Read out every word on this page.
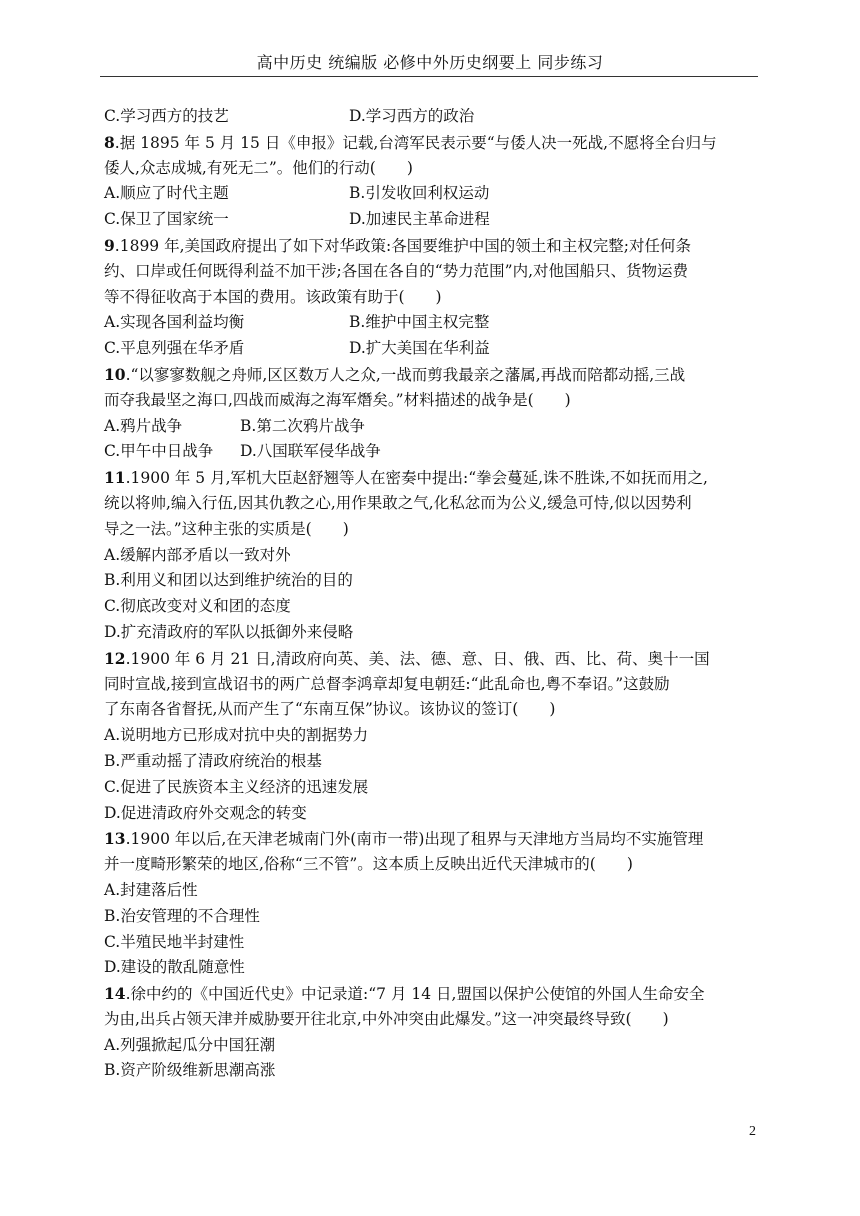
高中历史 统编版 必修中外历史纲要上 同步练习
C.学习西方的技艺	D.学习西方的政治
8.据 1895 年 5 月 15 日《申报》记载,台湾军民表示要“与倭人决一死战,不愿将全台归与
倭人,众志成城,有死无二”。他们的行动(　　)
A.顺应了时代主题	B.引发收回利权运动
C.保卫了国家统一	D.加速民主革命进程
9.1899 年,美国政府提出了如下对华政策:各国要维护中国的领土和主权完整;对任何条
约、口岸或任何既得利益不加干涉;各国在各自的“势力范围”内,对他国船只、货物运费
等不得征收高于本国的费用。该政策有助于(　　)
A.实现各国利益均衡	B.维护中国主权完整
C.平息列强在华矛盾	D.扩大美国在华利益
10.“以寥寥数舰之舟师,区区数万人之众,一战而剪我最亲之藩属,再战而陪都动摇,三战
而夺我最坚之海口,四战而威海之海军熸矣。”材料描述的战争是(　　)
A.鸦片战争	B.第二次鸦片战争
C.甲午中日战争	D.八国联军侵华战争
11.1900 年 5 月,军机大臣赵舒翘等人在密奏中提出:“拳会蔓延,诛不胜诛,不如抚而用之,
统以将帅,编入行伍,因其仇教之心,用作果敢之气,化私忿而为公义,缓急可恃,似以因势利
导之一法。”这种主张的实质是(　　)
A.缓解内部矛盾以一致对外
B.利用义和团以达到维护统治的目的
C.彻底改变对义和团的态度
D.扩充清政府的军队以抵御外来侵略
12.1900 年 6 月 21 日,清政府向英、美、法、德、意、日、俄、西、比、荷、奥十一国
同时宣战,接到宣战诏书的两广总督李鸿章却复电朝廷:“此乱命也,粤不奉诏。”这鼓励
了东南各省督抚,从而产生了“东南互保”协议。该协议的签订(　　)
A.说明地方已形成对抗中央的割据势力
B.严重动摇了清政府统治的根基
C.促进了民族资本主义经济的迅速发展
D.促进清政府外交观念的转变
13.1900 年以后,在天津老城南门外(南市一带)出现了租界与天津地方当局均不实施管理
并一度畸形繁荣的地区,俗称“三不管”。这本质上反映出近代天津城市的(　　)
A.封建落后性
B.治安管理的不合理性
C.半殖民地半封建性
D.建设的散乱随意性
14.徐中约的《中国近代史》中记录道:“7 月 14 日,盟国以保护公使馆的外国人生命安全
为由,出兵占领天津并威胁要开往北京,中外冲突由此爆发。”这一冲突最终导致(　　)
A.列强掀起瓜分中国狂潮
B.资产阶级维新思潮高涨
2
